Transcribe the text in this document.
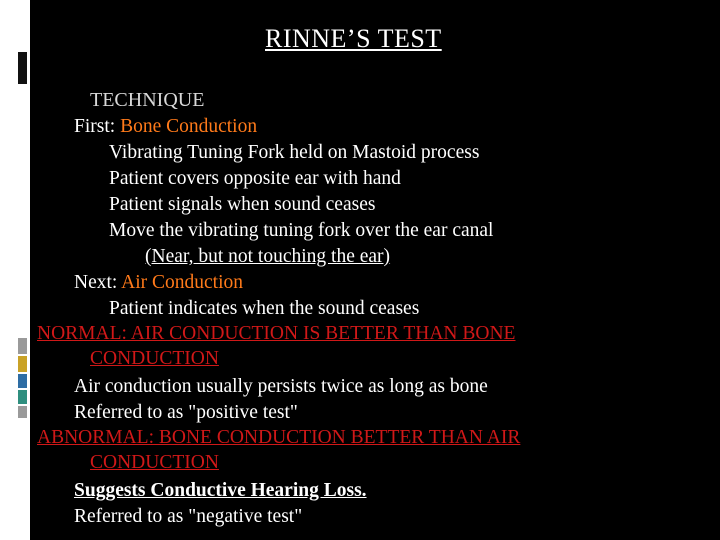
RINNE’S TEST
TECHNIQUE
First: Bone Conduction
Vibrating Tuning Fork held on Mastoid process
Patient covers opposite ear with hand
Patient signals when sound ceases
Move the vibrating tuning fork over the ear canal
(Near, but not touching the ear)
Next: Air Conduction
Patient indicates when the sound ceases
NORMAL: AIR CONDUCTION IS BETTER THAN BONE
CONDUCTION
Air conduction usually persists twice as long as bone
Referred to as "positive test"
ABNORMAL: BONE CONDUCTION BETTER THAN AIR
CONDUCTION
Suggests Conductive Hearing Loss.
Referred to as "negative test"
